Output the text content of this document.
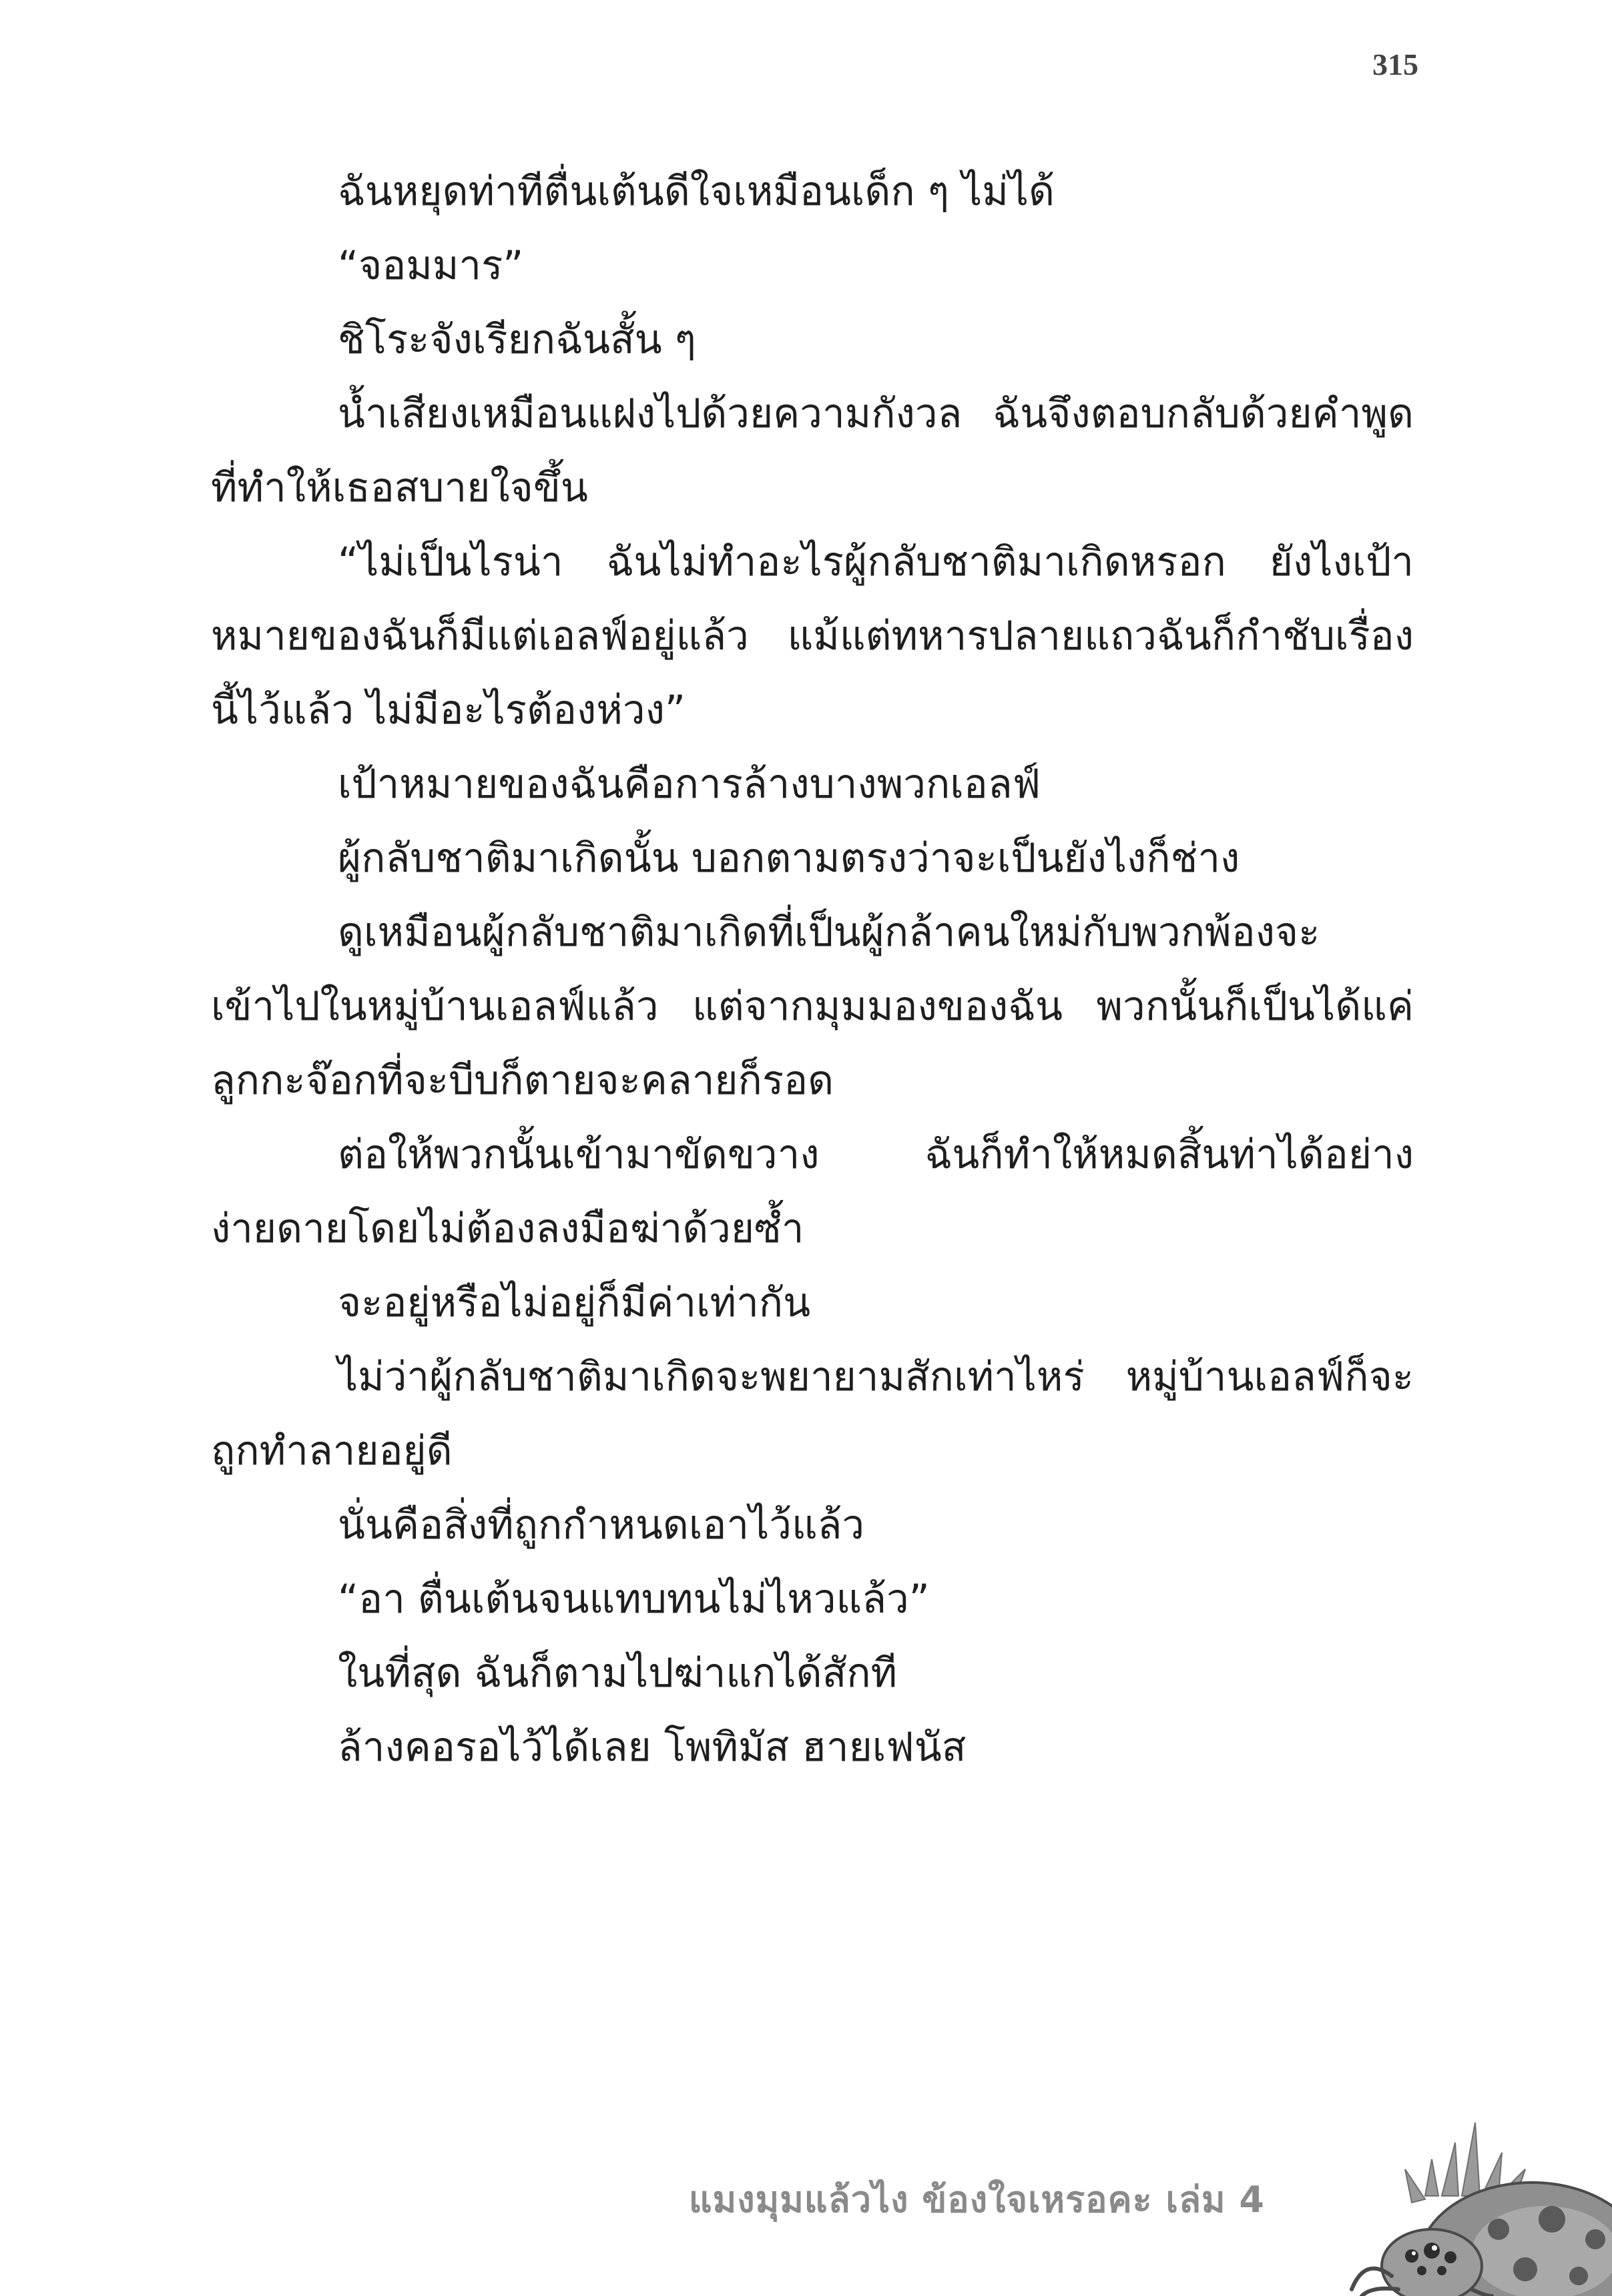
315

ฉันหยุดท่าทีตื่นเต้นดีใจเหมือนเด็ก ๆ ไม่ได้

“จอมมาร”

ชิโระจังเรียกฉันสั้น ๆ

น้ำเสียงเหมือนแฝงไปด้วยความกังวล ฉันจึงตอบกลับด้วยคำพูดที่ทำให้เธอสบายใจขึ้น

“ไม่เป็นไรน่า ฉันไม่ทำอะไรผู้กลับชาติมาเกิดหรอก ยังไงเป้าหมายของฉันก็มีแต่เอลฟ์อยู่แล้ว แม้แต่ทหารปลายแถวฉันก็กำชับเรื่องนี้ไว้แล้ว ไม่มีอะไรต้องห่วง”

เป้าหมายของฉันคือการล้างบางพวกเอลฟ์

ผู้กลับชาติมาเกิดนั้น บอกตามตรงว่าจะเป็นยังไงก็ช่าง

ดูเหมือนผู้กลับชาติมาเกิดที่เป็นผู้กล้าคนใหม่กับพวกพ้องจะเข้าไปในหมู่บ้านเอลฟ์แล้ว แต่จากมุมมองของฉัน พวกนั้นก็เป็นได้แค่ลูกกะจ๊อกที่จะบีบก็ตายจะคลายก็รอด

ต่อให้พวกนั้นเข้ามาขัดขวาง ฉันก็ทำให้หมดสิ้นท่าได้อย่างง่ายดายโดยไม่ต้องลงมือฆ่าด้วยซ้ำ

จะอยู่หรือไม่อยู่ก็มีค่าเท่ากัน

ไม่ว่าผู้กลับชาติมาเกิดจะพยายามสักเท่าไหร่ หมู่บ้านเอลฟ์ก็จะถูกทำลายอยู่ดี

นั่นคือสิ่งที่ถูกกำหนดเอาไว้แล้ว

“อา ตื่นเต้นจนแทบทนไม่ไหวแล้ว”

ในที่สุด ฉันก็ตามไปฆ่าแกได้สักที

ล้างคอรอไว้ได้เลย โพทิมัส ฮายเฟนัส

แมงมุมแล้วไง ข้องใจเหรอคะ เล่ม 4
